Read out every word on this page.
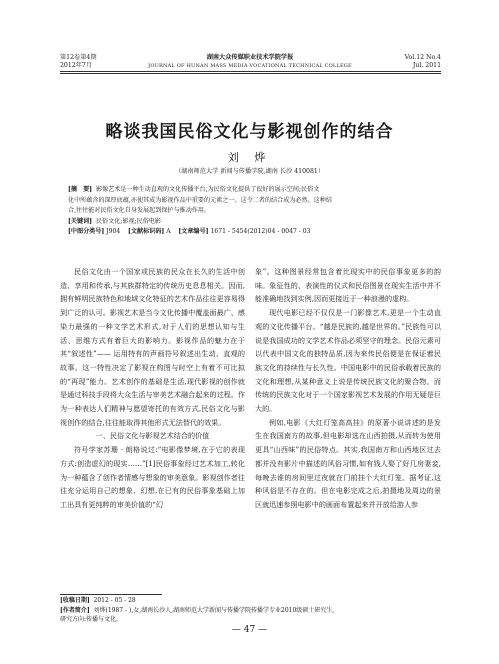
第12卷第4期
2012年7月
湖南大众传媒职业技术学院学报
JOURNAL OF HUNAN MASS MEDIA VOCATIONAL TECHNICAL COLLEGE
Vol.12 No.4
Jul. 2011
略谈我国民俗文化与影视创作的结合
刘 烨
（湖南师范大学 新闻与传播学院,湖南 长沙 410081）
[摘　要] 影像艺术是一种生动直观的文化传播平台,为民俗文化提供了很好的展示空间;民俗文
化中所蕴含的深厚底蕴,亦使其成为影视作品中重要的元素之一。这令二者的结合成为必然。这种结
合,往往能对民俗文化自身发展起到保护与推动作用。
[关键词] 民俗文化;影视;民俗电影
[中图分类号] J904 [文献标识码] A [文章编号] 1671 - 5454(2012)04 - 0047 - 03

民俗文化由一个国家或民族的民众在长久的生活中创造、享用和传承,与其族群特定的传统历史息息相关。因而,拥有鲜明民族特色和地域文化特征的艺术作品往往更容易得到广泛的认可。影视艺术是当今文化传播中覆盖面最广、感染力最强的一种文学艺术形式,对于人们的思想认知与生活、思维方式有着巨大的影响力。影视作品的魅力在于其“叙述性”—— 运用特有的声画符号叙述出生动、直观的故事。这一特性决定了影视在构图与时空上有着不可比拟的“再现”能力。艺术创作的基础是生活,现代影视的创作就是通过科技手段将大众生活与审美艺术融合起来的过程。作为一种表达人们精神与愿望寄托的有效方式,民俗文化与影视创作的结合,往往能取得其他形式无法替代的效果。

一、民俗文化与影视艺术结合的价值

符号学家苏珊 · 朗格说过:“电影像梦境,在于它的表现方式:创造虚幻的现实……”[1]民俗事象经过艺术加工,转化为一种蕴含了创作者情感与想象的审美意象。影视创作者往往充分运用自己的想象、幻想,在已有的民俗事象基础上加工出具有更纯粹的审美价值的“幻

象”。这种图景经常包含着比现实中的民俗事象更多的韵味。象征性的、表演性的仪式和民俗图景在现实生活中并不能准确地找到实例,因而更接近于一种浪漫的虚构。

现代电影已经不仅仅是一门影像艺术,更是一个生动直观的文化传播平台。“越是民族的,越是世界的。”民族性可以说是我国成功的文学艺术作品必须坚守的理念。民俗元素可以代表中国文化的独特品质,因为來传民俗便是在保证着民族文化的持续性与长久性。中国电影中的民俗承载着民族的文化和理想,从某种意义上说是传统民族文化的聚合物。而传统的民族文化对于一个国家影视艺术发展的作用无疑是巨大的。

例如,电影《大红灯笼高高挂》的原著小说讲述的是发生在我国南方的故事,但电影却选在山西拍摄,从而转为使用更具“山西味”的民俗特点。其实,我国南方和山西地区过去都并没有影片中描述的风俗习惯,如有钱人娶了好几房妻妾,每晚去谁的房间里过夜就在门前挂个大红灯笼。据考证,这种风俗是不存在的。但在电影完成之后,拍摄地及周边的景区就迅速参照电影中的画面布置起来并开放给游人参

[收稿日期] 2012 - 05 - 28
[作者简介] 刘烨(1987 - ),女,湖南长沙人,湖南师范大学新闻与传播学院传播学专业2010级硕士研究生,
研究方向:传播与文化。
— 47 —
